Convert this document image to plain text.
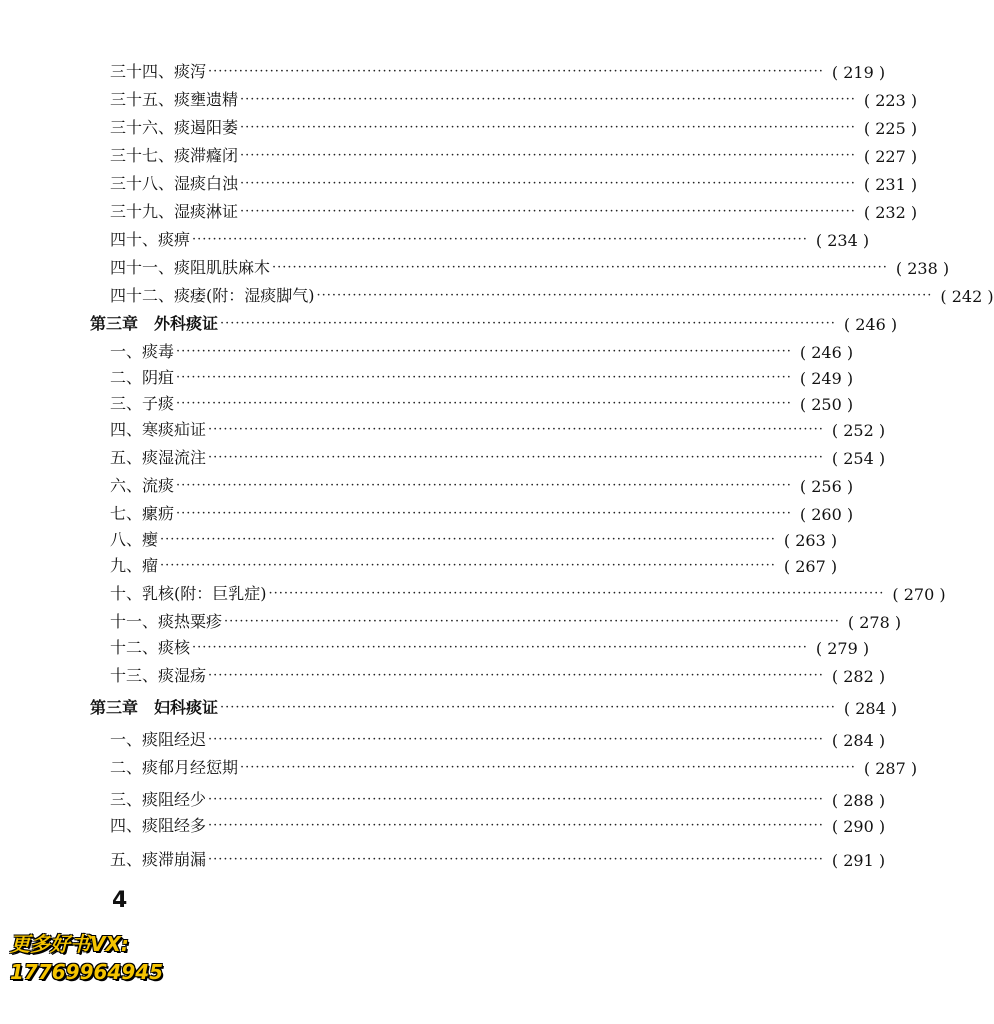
三十四、痰泻 ························································································································ ( 219 )
三十五、痰壅遗精 ························································································································ ( 223 )
三十六、痰遏阳萎 ························································································································ ( 225 )
三十七、痰滞癃闭 ························································································································ ( 227 )
三十八、湿痰白浊 ························································································································ ( 231 )
三十九、湿痰淋证 ························································································································ ( 232 )
四十、痰痹 ························································································································ ( 234 )
四十一、痰阻肌肤麻木 ························································································································ ( 238 )
四十二、痰痿(附：湿痰脚气) ························································································································ ( 242 )
第三章　外科痰证 ························································································································ ( 246 )
一、痰毒 ························································································································ ( 246 )
二、阴疽 ························································································································ ( 249 )
三、子痰 ························································································································ ( 250 )
四、寒痰疝证 ························································································································ ( 252 )
五、痰湿流注 ························································································································ ( 254 )
六、流痰 ························································································································ ( 256 )
七、瘰疬 ························································································································ ( 260 )
八、瘿 ························································································································ ( 263 )
九、瘤 ························································································································ ( 267 )
十、乳核(附：巨乳症) ························································································································ ( 270 )
十一、痰热粟疹 ························································································································ ( 278 )
十二、痰核 ························································································································ ( 279 )
十三、痰湿疡 ························································································································ ( 282 )
第三章　妇科痰证 ························································································································ ( 284 )
一、痰阻经迟 ························································································································ ( 284 )
二、痰郁月经愆期 ························································································································ ( 287 )
三、痰阻经少 ························································································································ ( 288 )
四、痰阻经多 ························································································································ ( 290 )
五、痰滞崩漏 ························································································································ ( 291 )
4
更多好书VX:
17769964945
